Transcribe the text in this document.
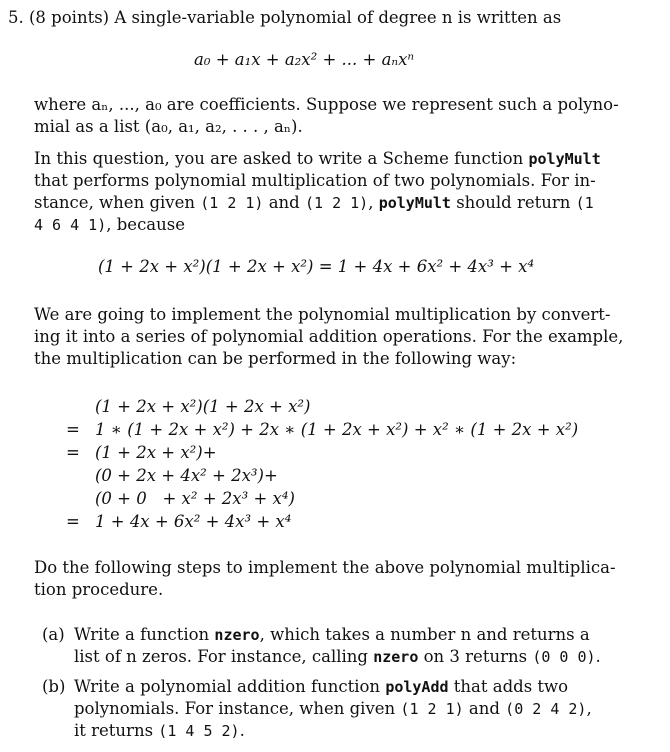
5. (8 points) A single-variable polynomial of degree n is written as
a₀ + a₁x + a₂x² + ... + aₙxⁿ
where aₙ, ..., a₀ are coefficients. Suppose we represent such a polyno-
mial as a list (a₀, a₁, a₂, . . . , aₙ).
In this question, you are asked to write a Scheme function polyMult
that performs polynomial multiplication of two polynomials. For in-
stance, when given (1 2 1) and (1 2 1), polyMult should return (1
4 6 4 1), because
(1 + 2x + x²)(1 + 2x + x²) = 1 + 4x + 6x² + 4x³ + x⁴
We are going to implement the polynomial multiplication by convert-
ing it into a series of polynomial addition operations. For the example,
the multiplication can be performed in the following way:
(1 + 2x + x²)(1 + 2x + x²)
= 1 ∗ (1 + 2x + x²) + 2x ∗ (1 + 2x + x²) + x² ∗ (1 + 2x + x²)
= (1 + 2x + x²)+
(0 + 2x + 4x² + 2x³)+
(0 + 0   + x² + 2x³ + x⁴)
= 1 + 4x + 6x² + 4x³ + x⁴
Do the following steps to implement the above polynomial multiplica-
tion procedure.
(a) Write a function nzero, which takes a number n and returns a
list of n zeros. For instance, calling nzero on 3 returns (0 0 0).
(b) Write a polynomial addition function polyAdd that adds two
polynomials. For instance, when given (1 2 1) and (0 2 4 2),
it returns (1 4 5 2).
